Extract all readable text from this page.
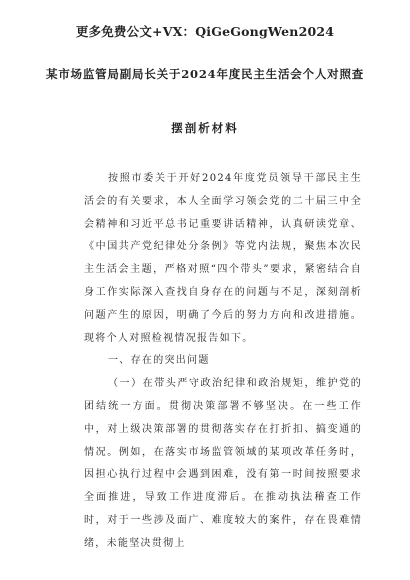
更多免费公文+VX：QiGeGongWen2024
某市场监管局副局长关于2024年度民主生活会个人对照查
摆剖析材料

按照市委关于开好2024年度党员领导干部民主生活会的有关要求，本人全面学习领会党的二十届三中全会精神和习近平总书记重要讲话精神，认真研读党章、《中国共产党纪律处分条例》等党内法规，聚焦本次民主生活会主题，严格对照“四个带头”要求，紧密结合自身工作实际深入查找自身存在的问题与不足，深刻剖析问题产生的原因，明确了今后的努力方向和改进措施。现将个人对照检视情况报告如下。

一、存在的突出问题

（一）在带头严守政治纪律和政治规矩，维护党的团结统一方面。贯彻决策部署不够坚决。在一些工作中，对上级决策部署的贯彻落实存在打折扣、搞变通的情况。例如，在落实市场监管领域的某项改革任务时，因担心执行过程中会遇到困难，没有第一时间按照要求全面推进，导致工作进度滞后。在推动执法稽查工作时，对于一些涉及面广、难度较大的案件，存在畏难情绪，未能坚决贯彻上
